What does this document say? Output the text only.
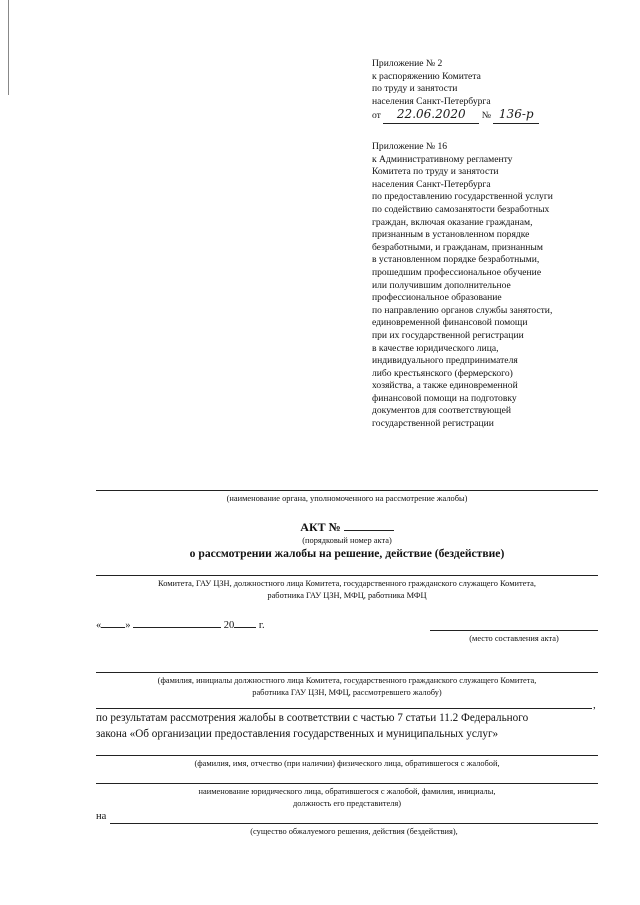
Приложение № 2
к распоряжению Комитета
по труду и занятости
населения Санкт-Петербурга
от 22.06.2020 № 136-р
Приложение № 16
к Административному регламенту
Комитета по труду и занятости
населения Санкт-Петербурга
по предоставлению государственной услуги
по содействию самозанятости безработных
граждан, включая оказание гражданам,
признанным в установленном порядке
безработными, и гражданам, признанным
в установленном порядке безработными,
прошедшим профессиональное обучение
или получившим дополнительное
профессиональное образование
по направлению органов службы занятости,
единовременной финансовой помощи
при их государственной регистрации
в качестве юридического лица,
индивидуального предпринимателя
либо крестьянского (фермерского)
хозяйства, а также единовременной
финансовой помощи на подготовку
документов для соответствующей
государственной регистрации
(наименование органа, уполномоченного на рассмотрение жалобы)
АКТ №
(порядковый номер акта)
о рассмотрении жалобы на решение, действие (бездействие)
Комитета, ГАУ ЦЗН, должностного лица Комитета, государственного гражданского служащего Комитета,
работника ГАУ ЦЗН, МФЦ, работника МФЦ
« »	20 г.
(место составления акта)
(фамилия, инициалы должностного лица Комитета, государственного гражданского служащего Комитета,
работника ГАУ ЦЗН, МФЦ, рассмотревшего жалобу)
,
по результатам рассмотрения жалобы в соответствии с частью 7 статьи 11.2 Федерального
закона «Об организации предоставления государственных и муниципальных услуг»
(фамилия, имя, отчество (при наличии) физического лица, обратившегося с жалобой,
наименование юридического лица, обратившегося с жалобой, фамилия, инициалы,
должность его представителя)
на
(существо обжалуемого решения, действия (бездействия),
